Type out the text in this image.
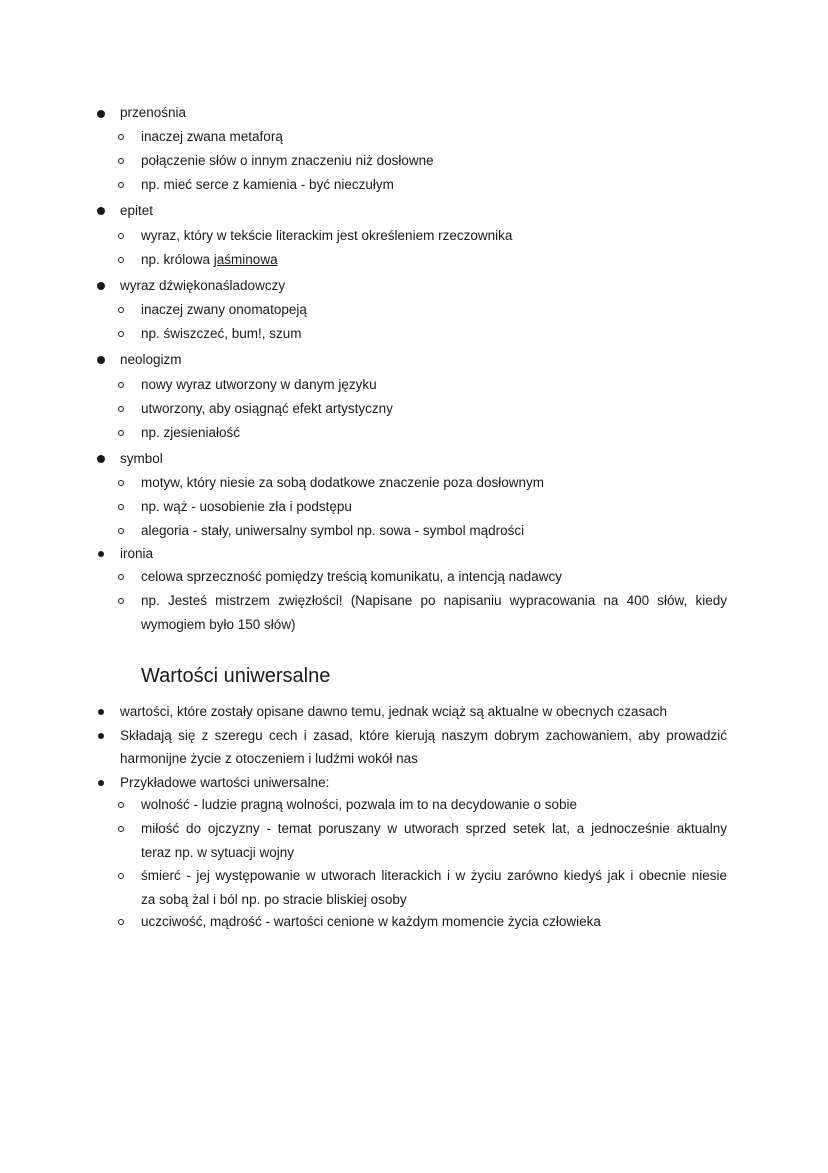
przenośnia
inaczej zwana metaforą
połączenie słów o innym znaczeniu niż dosłowne
np. mieć serce z kamienia - być nieczułym
epitet
wyraz, który w tekście literackim jest określeniem rzeczownika
np. królowa jaśminowa
wyraz dźwiękonaśladowczy
inaczej zwany onomatopeją
np. świszczeć, bum!, szum
neologizm
nowy wyraz utworzony w danym języku
utworzony, aby osiągnąć efekt artystyczny
np. zjesieniałość
symbol
motyw, który niesie za sobą dodatkowe znaczenie poza dosłownym
np. wąż - uosobienie zła i podstępu
alegoria - stały, uniwersalny symbol np. sowa - symbol mądrości
ironia
celowa sprzeczność pomiędzy treścią komunikatu, a intencją nadawcy
np. Jesteś mistrzem zwięzłości! (Napisane po napisaniu wypracowania na 400 słów, kiedy
wymogiem było 150 słów)
Wartości uniwersalne
wartości, które zostały opisane dawno temu, jednak wciąż są aktualne w obecnych czasach
Składają się z szeregu cech i zasad, które kierują naszym dobrym zachowaniem, aby prowadzić
harmonijne życie z otoczeniem i ludźmi wokół nas
Przykładowe wartości uniwersalne:
wolność - ludzie pragną wolności, pozwala im to na decydowanie o sobie
miłość do ojczyzny - temat poruszany w utworach sprzed setek lat, a jednocześnie aktualny
teraz np. w sytuacji wojny
śmierć - jej występowanie w utworach literackich i w życiu zarówno kiedyś jak i obecnie niesie
za sobą żal i ból np. po stracie bliskiej osoby
uczciwość, mądrość - wartości cenione w każdym momencie życia człowieka
